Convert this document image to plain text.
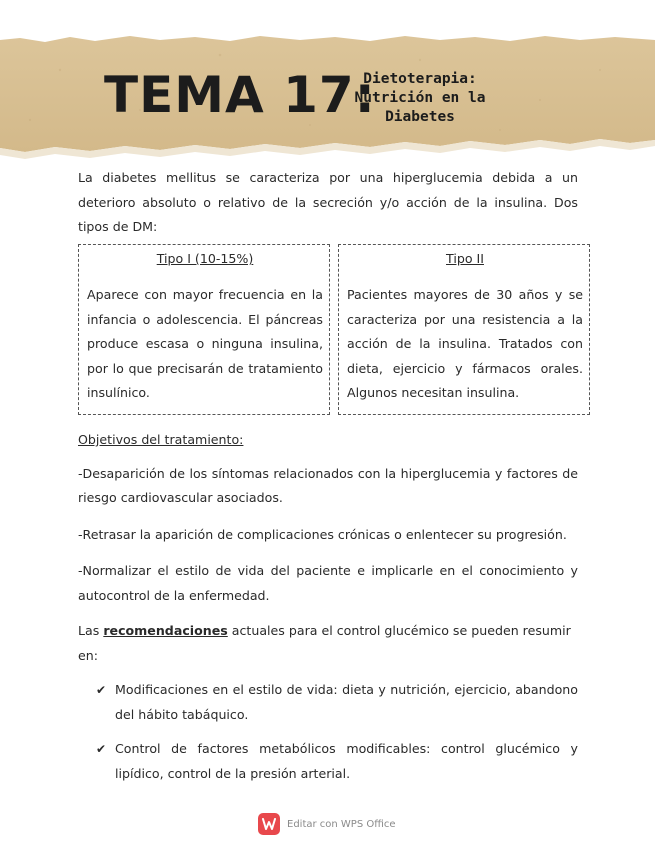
TEMA 17:
Dietoterapia:
Nutrición en la
Diabetes

La diabetes mellitus se caracteriza por una hiperglucemia debida a un deterioro absoluto o relativo de la secreción y/o acción de la insulina. Dos tipos de DM:

Tipo I (10-15%)
Aparece con mayor frecuencia en la infancia o adolescencia. El páncreas produce escasa o ninguna insulina, por lo que precisarán de tratamiento insulínico.
Tipo II
Pacientes mayores de 30 años y se caracteriza por una resistencia a la acción de la insulina. Tratados con dieta, ejercicio y fármacos orales. Algunos necesitan insulina.
Objetivos del tratamiento:
-Desaparición de los síntomas relacionados con la hiperglucemia y factores de riesgo cardiovascular asociados.
-Retrasar la aparición de complicaciones crónicas o enlentecer su progresión.
-Normalizar el estilo de vida del paciente e implicarle en el conocimiento y autocontrol de la enfermedad.
Las recomendaciones actuales para el control glucémico se pueden resumir en:
✔ Modificaciones en el estilo de vida: dieta y nutrición, ejercicio, abandono del hábito tabáquico.
✔ Control de factores metabólicos modificables: control glucémico y lipídico, control de la presión arterial.
Editar con WPS Office
